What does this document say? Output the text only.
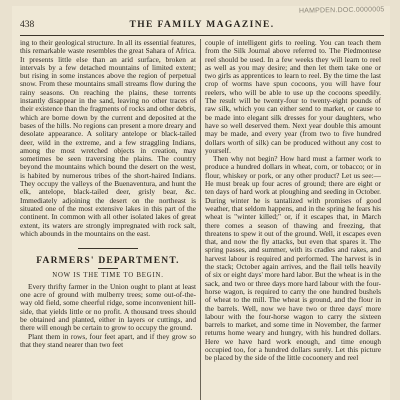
HAMPDEN.DOC.0000005
438	THE FAMILY MAGAZINE.

ing to their geological structure. In all its essential features, this remarkable waste resembles the great Sahara of Africa. It presents little else than an arid surface, broken at intervals by a few detached mountains of limited extent; but rising in some instances above the region of perpetual snow. From these mountains small streams flow during the rainy seasons. On reaching the plains, these torrents instantly disappear in the sand, leaving no other traces of their existence than the fragments of rocks and other debris, which are borne down by the current and deposited at the bases of the hills. No regions can present a more dreary and desolate appearance. A solitary antelope or black-tailed deer, wild in the extreme, and a few straggling Indians, among the most wretched objects in creation, may sometimes be seen traversing the plains. The country beyond the mountains which bound the desert on the west, is habited by numerous tribes of the short-haired Indians. They occupy the valleys of the Buenaventura, and hunt the elk, antelope, black-tailed deer, grisly bear, &c. Immediately adjoining the desert on the northeast is situated one of the most extensive lakes in this part of the continent. In common with all other isolated lakes of great extent, its waters are strongly impregnated with rock salt, which abounds in the mountains on the east.

FARMERS' DEPARTMENT.
NOW IS THE TIME TO BEGIN.

Every thrifty farmer in the Union ought to plant at least one acre of ground with mulberry trees; some out-of-the-way old field, some cheerful ridge, some inconvenient hill-side, that yields little or no profit. A thousand trees should be obtained and planted, either in layers or cuttings, and there will enough be certain to grow to occupy the ground.

Plant them in rows, four feet apart, and if they grow so that they stand nearer than two feet

couple of intelligent girls to reeling. You can teach them from the Silk Journal above referred to. The Piedmontese reel should be used. In a few weeks they will learn to reel as well as you may desire; and then let them take one or two girls as apprentices to learn to reel. By the time the last crop of worms have spun cocoons, you will have four reelers, who will be able to use up the cocoons speedily. The result will be twenty-four to twenty-eight pounds of raw silk, which you can either send to market, or cause to be made into elegant silk dresses for your daughters, who have so well deserved them. Next year double this amount may be made, and every year (from two to five hundred dollars worth of silk) can be produced without any cost to yourself.

Then why not begin? How hard must a farmer work to produce a hundred dollars in wheat, corn, or tobacco; or in flour, whiskey or pork, or any other product? Let us see:—He must break up four acres of ground; there are eight or ten days of hard work at ploughing and seeding in October. During winter he is tantalized with promises of good weather, that seldom happens, and in the spring he fears his wheat is "winter killed;" or, if it escapes that, in March there comes a season of thawing and freezing, that threatens to spew it out of the ground. Well, it escapes even that, and now the fly attacks, but even that spares it. The spring passes, and summer, with its cradles and rakes, and harvest labour is required and performed. The harvest is in the stack; October again arrives, and the flail tells heavily of six or eight days' more hard labor. But the wheat is in the sack, and two or three days more hard labour with the four-horse wagon, is required to carry the one hundred bushels of wheat to the mill. The wheat is ground, and the flour in the barrels. Well, now we have two or three days' more labour with the four-horse wagon to carry the sixteen barrels to market, and some time in November, the farmer returns home weary and hungry, with his hundred dollars. Here we have hard work enough, and time enough occupied too, for a hundred dollars surely. Let this picture be placed by the side of the little cocoonery and reel
